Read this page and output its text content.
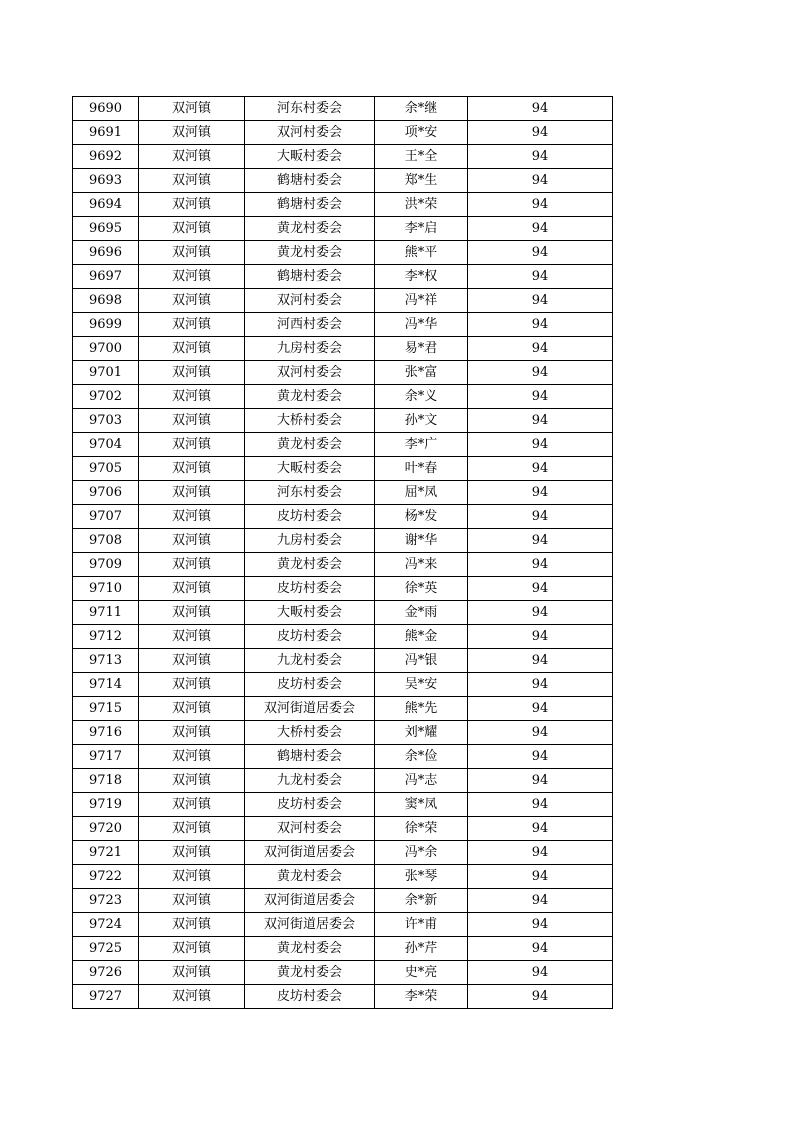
9690	双河镇	河东村委会	余*继	94
9691	双河镇	双河村委会	项*安	94
9692	双河镇	大畈村委会	王*全	94
9693	双河镇	鹤塘村委会	郑*生	94
9694	双河镇	鹤塘村委会	洪*荣	94
9695	双河镇	黄龙村委会	李*启	94
9696	双河镇	黄龙村委会	熊*平	94
9697	双河镇	鹤塘村委会	李*权	94
9698	双河镇	双河村委会	冯*祥	94
9699	双河镇	河西村委会	冯*华	94
9700	双河镇	九房村委会	易*君	94
9701	双河镇	双河村委会	张*富	94
9702	双河镇	黄龙村委会	余*义	94
9703	双河镇	大桥村委会	孙*文	94
9704	双河镇	黄龙村委会	李*广	94
9705	双河镇	大畈村委会	叶*春	94
9706	双河镇	河东村委会	屈*凤	94
9707	双河镇	皮坊村委会	杨*发	94
9708	双河镇	九房村委会	谢*华	94
9709	双河镇	黄龙村委会	冯*来	94
9710	双河镇	皮坊村委会	徐*英	94
9711	双河镇	大畈村委会	金*雨	94
9712	双河镇	皮坊村委会	熊*金	94
9713	双河镇	九龙村委会	冯*银	94
9714	双河镇	皮坊村委会	吴*安	94
9715	双河镇	双河街道居委会	熊*先	94
9716	双河镇	大桥村委会	刘*耀	94
9717	双河镇	鹤塘村委会	余*俭	94
9718	双河镇	九龙村委会	冯*志	94
9719	双河镇	皮坊村委会	窦*凤	94
9720	双河镇	双河村委会	徐*荣	94
9721	双河镇	双河街道居委会	冯*余	94
9722	双河镇	黄龙村委会	张*琴	94
9723	双河镇	双河街道居委会	余*新	94
9724	双河镇	双河街道居委会	许*甫	94
9725	双河镇	黄龙村委会	孙*芹	94
9726	双河镇	黄龙村委会	史*亮	94
9727	双河镇	皮坊村委会	李*荣	94
